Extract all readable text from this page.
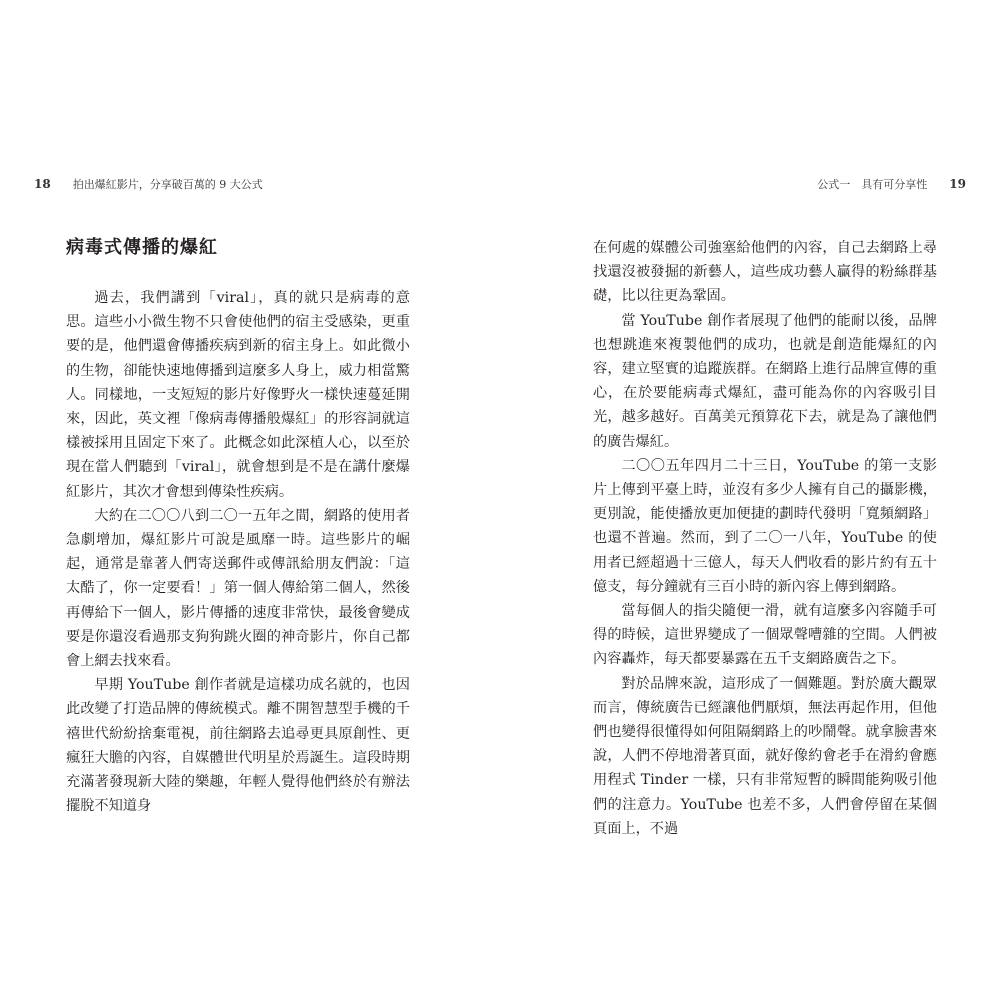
18 拍出爆紅影片，分享破百萬的 9 大公式	公式一　具有可分享性 19
病毒式傳播的爆紅

過去，我們講到「viral」，真的就只是病毒的意思。這些小小微生物不只會使他們的宿主受感染，更重要的是，他們還會傳播疾病到新的宿主身上。如此微小的生物，卻能快速地傳播到這麼多人身上，威力相當驚人。同樣地，一支短短的影片好像野火一樣快速蔓延開來，因此，英文裡「像病毒傳播般爆紅」的形容詞就這樣被採用且固定下來了。此概念如此深植人心，以至於現在當人們聽到「viral」，就會想到是不是在講什麼爆紅影片，其次才會想到傳染性疾病。

大約在二〇〇八到二〇一五年之間，網路的使用者急劇增加，爆紅影片可說是風靡一時。這些影片的崛起，通常是靠著人們寄送郵件或傳訊給朋友們說：「這太酷了，你一定要看！」第一個人傳給第二個人，然後再傳給下一個人，影片傳播的速度非常快，最後會變成要是你還沒看過那支狗狗跳火圈的神奇影片，你自己都會上網去找來看。

早期 YouTube 創作者就是這樣功成名就的，也因此改變了打造品牌的傳統模式。離不開智慧型手機的千禧世代紛紛捨棄電視，前往網路去追尋更具原創性、更瘋狂大膽的內容，自媒體世代明星於焉誕生。這段時期充滿著發現新大陸的樂趣，年輕人覺得他們終於有辦法擺脫不知道身

在何處的媒體公司強塞給他們的內容，自己去網路上尋找還沒被發掘的新藝人，這些成功藝人贏得的粉絲群基礎，比以往更為鞏固。

當 YouTube 創作者展現了他們的能耐以後，品牌也想跳進來複製他們的成功，也就是創造能爆紅的內容，建立堅實的追蹤族群。在網路上進行品牌宣傳的重心，在於要能病毒式爆紅，盡可能為你的內容吸引目光，越多越好。百萬美元預算花下去，就是為了讓他們的廣告爆紅。

二〇〇五年四月二十三日，YouTube 的第一支影片上傳到平臺上時，並沒有多少人擁有自己的攝影機，更別說，能使播放更加便捷的劃時代發明「寬頻網路」也還不普遍。然而，到了二〇一八年，YouTube 的使用者已經超過十三億人，每天人們收看的影片約有五十億支，每分鐘就有三百小時的新內容上傳到網路。

當每個人的指尖隨便一滑，就有這麼多內容隨手可得的時候，這世界變成了一個眾聲嘈雜的空間。人們被內容轟炸，每天都要暴露在五千支網路廣告之下。

對於品牌來說，這形成了一個難題。對於廣大觀眾而言，傳統廣告已經讓他們厭煩，無法再起作用，但他們也變得很懂得如何阻隔網路上的吵鬧聲。就拿臉書來說，人們不停地滑著頁面，就好像約會老手在滑約會應用程式 Tinder 一樣，只有非常短暫的瞬間能夠吸引他們的注意力。YouTube 也差不多，人們會停留在某個頁面上，不過
